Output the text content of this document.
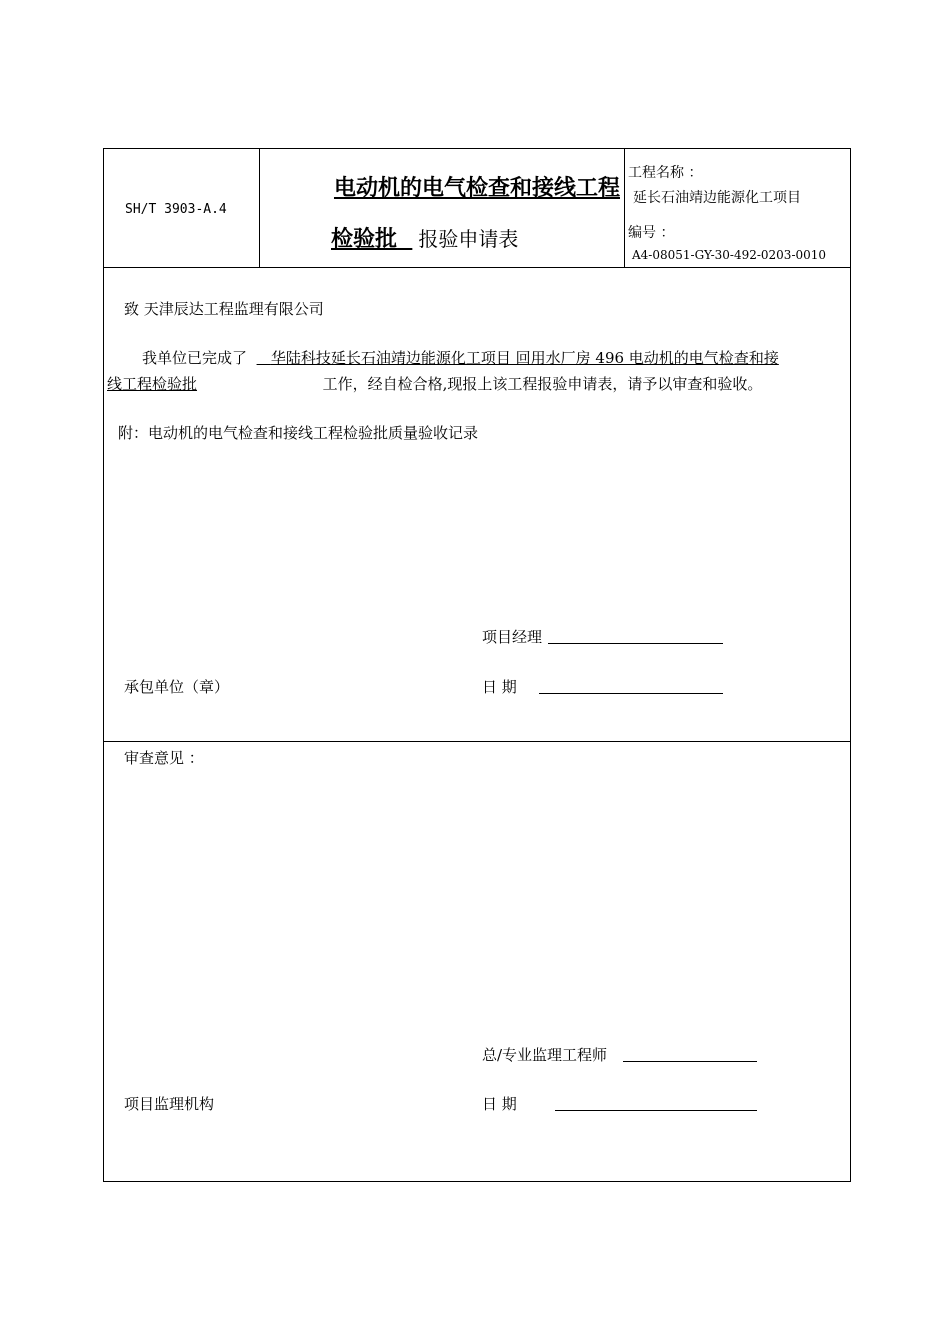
SH/T 3903-A.4
电动机的电气检查和接线工程
检验批 报验申请表
工程名称 ：
延长石油靖边能源化工项目
编号 ：
A4-08051-GY-30-492-0203-0010
致 天津辰达工程监理有限公司
我单位已完成了 华陆科技延长石油靖边能源化工项目 回用水厂房 496 电动机的电气检查和接
线工程检验批	工作，经自检合格,现报上该工程报验申请表，请予以审查和验收。
附：电动机的电气检查和接线工程检验批质量验收记录
项目经理
承包单位（章）	日 期
审查意见 ：
总/专业监理工程师
项目监理机构	日 期
